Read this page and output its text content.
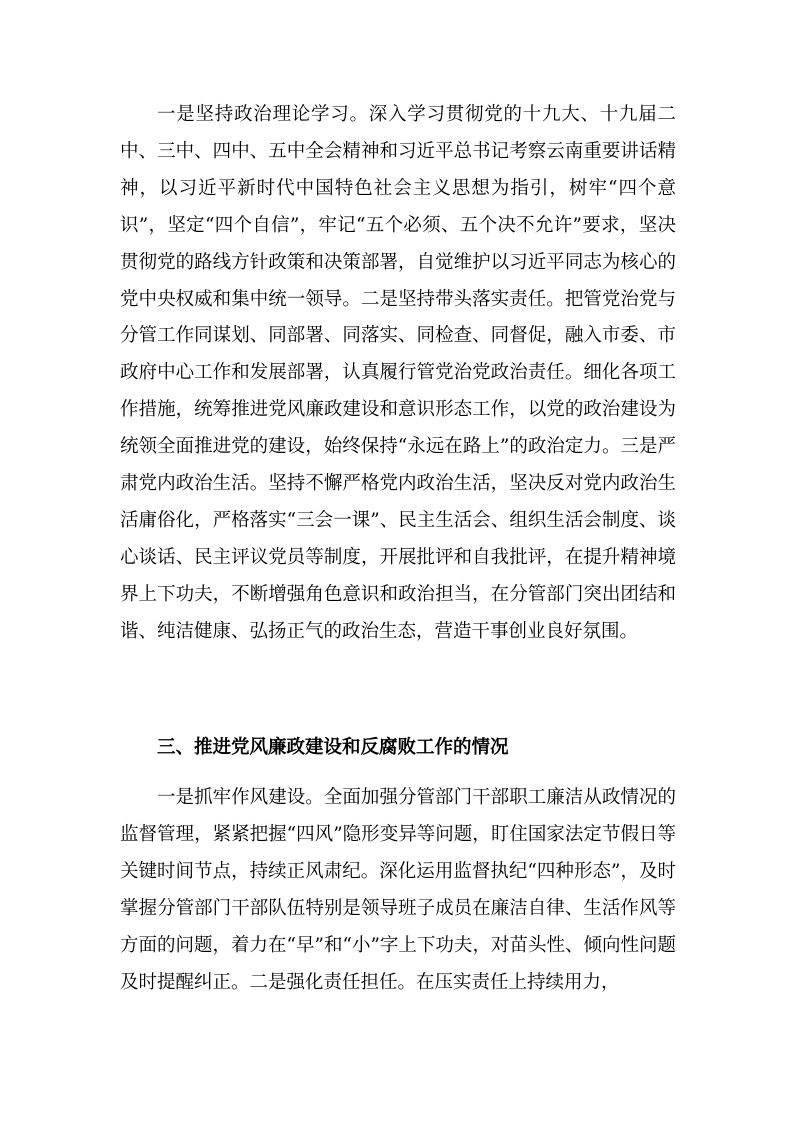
一是坚持政治理论学习。深入学习贯彻党的十九大、十九届二中、三中、四中、五中全会精神和习近平总书记考察云南重要讲话精神，以习近平新时代中国特色社会主义思想为指引，树牢“四个意识”，坚定“四个自信”，牢记“五个必须、五个决不允许”要求，坚决贯彻党的路线方针政策和决策部署，自觉维护以习近平同志为核心的党中央权威和集中统一领导。二是坚持带头落实责任。把管党治党与分管工作同谋划、同部署、同落实、同检查、同督促，融入市委、市政府中心工作和发展部署，认真履行管党治党政治责任。细化各项工作措施，统筹推进党风廉政建设和意识形态工作，以党的政治建设为统领全面推进党的建设，始终保持“永远在路上”的政治定力。三是严肃党内政治生活。坚持不懈严格党内政治生活，坚决反对党内政治生活庸俗化，严格落实“三会一课”、民主生活会、组织生活会制度、谈心谈话、民主评议党员等制度，开展批评和自我批评，在提升精神境界上下功夫，不断增强角色意识和政治担当，在分管部门突出团结和谐、纯洁健康、弘扬正气的政治生态，营造干事创业良好氛围。

三、推进党风廉政建设和反腐败工作的情况

一是抓牢作风建设。全面加强分管部门干部职工廉洁从政情况的监督管理，紧紧把握“四风”隐形变异等问题，盯住国家法定节假日等关键时间节点，持续正风肃纪。深化运用监督执纪“四种形态”，及时掌握分管部门干部队伍特别是领导班子成员在廉洁自律、生活作风等方面的问题，着力在“早”和“小”字上下功夫，对苗头性、倾向性问题及时提醒纠正。二是强化责任担任。在压实责任上持续用力，
